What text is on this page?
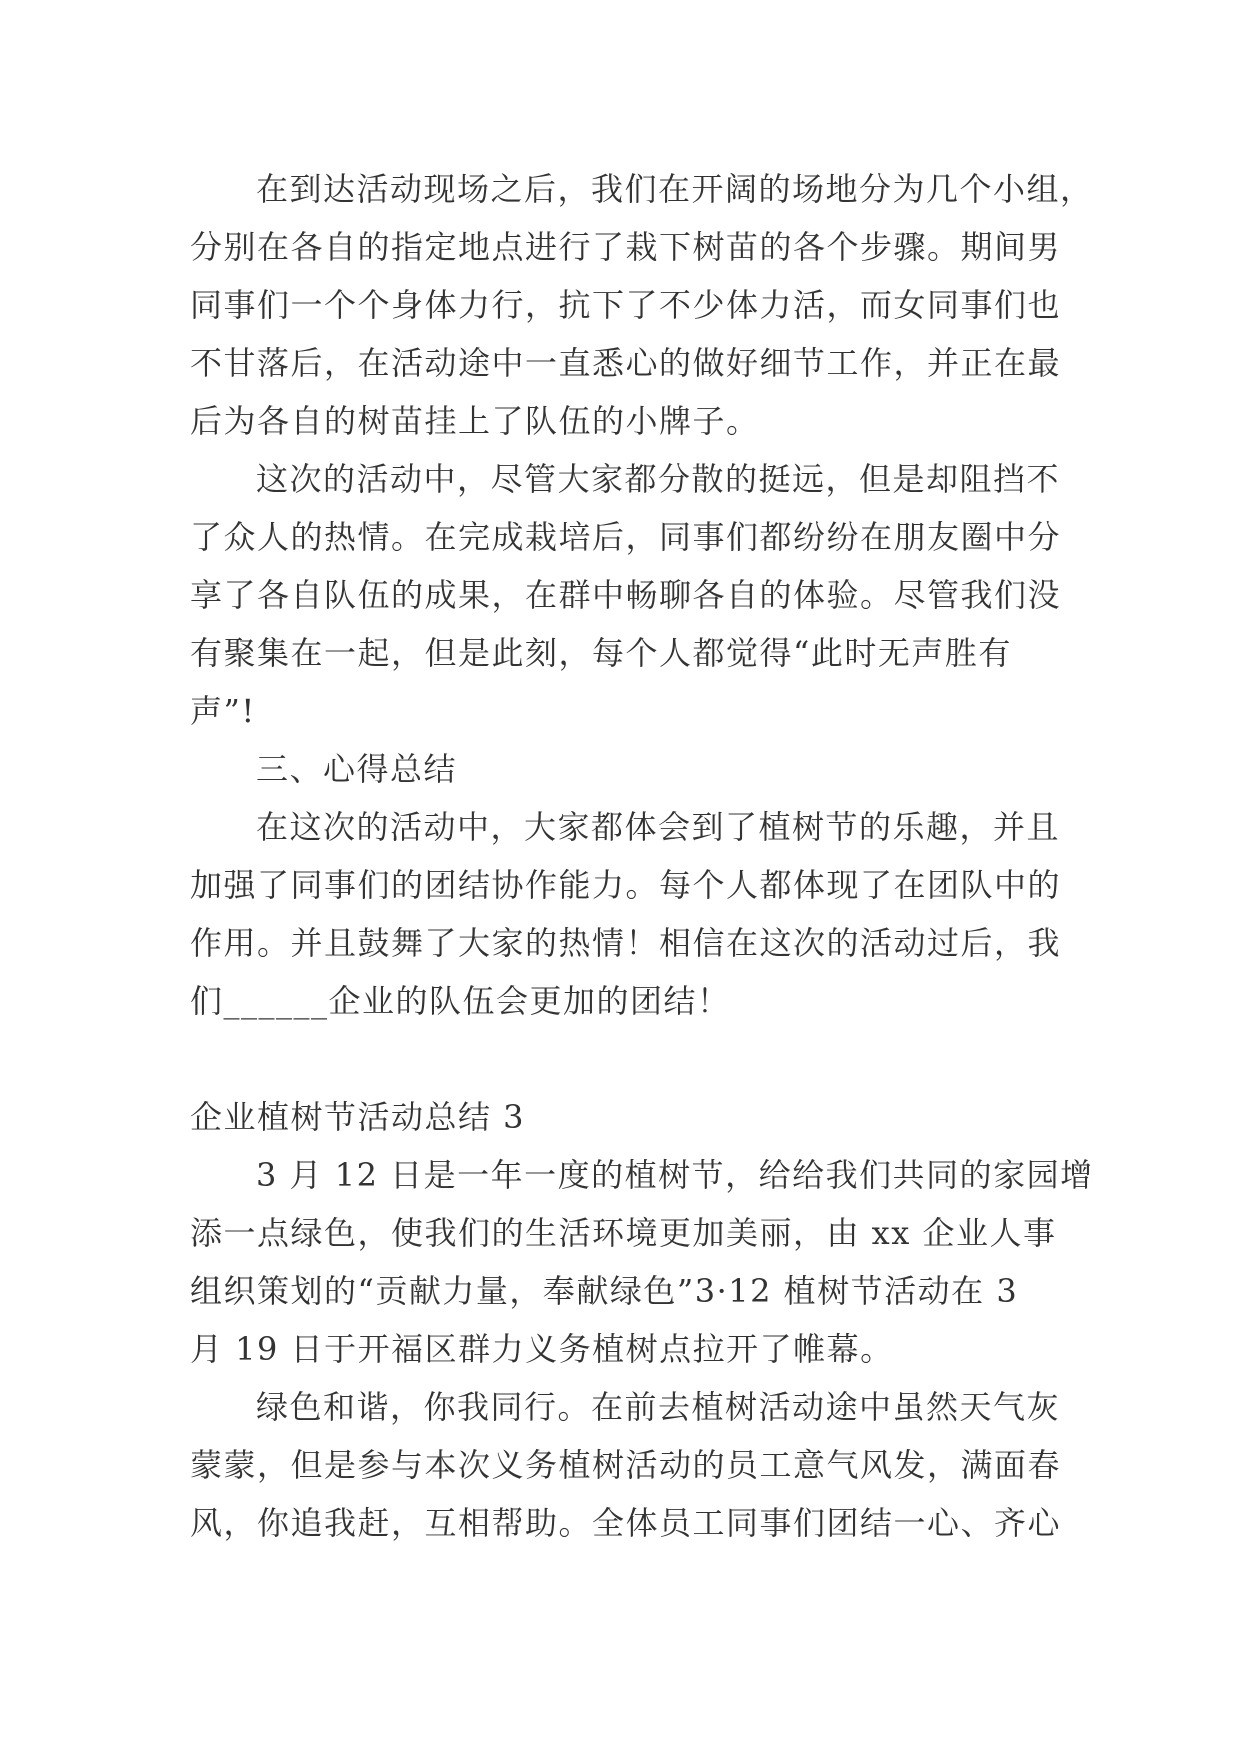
在到达活动现场之后，我们在开阔的场地分为几个小组，
分别在各自的指定地点进行了栽下树苗的各个步骤。期间男
同事们一个个身体力行，抗下了不少体力活，而女同事们也
不甘落后，在活动途中一直悉心的做好细节工作，并正在最
后为各自的树苗挂上了队伍的小牌子。
这次的活动中，尽管大家都分散的挺远，但是却阻挡不
了众人的热情。在完成栽培后，同事们都纷纷在朋友圈中分
享了各自队伍的成果，在群中畅聊各自的体验。尽管我们没
有聚集在一起，但是此刻，每个人都觉得“此时无声胜有
声”!
三、心得总结
在这次的活动中，大家都体会到了植树节的乐趣，并且
加强了同事们的团结协作能力。每个人都体现了在团队中的
作用。并且鼓舞了大家的热情！相信在这次的活动过后，我
们______企业的队伍会更加的团结！
企业植树节活动总结 3
3 月 12 日是一年一度的植树节，给给我们共同的家园增
添一点绿色，使我们的生活环境更加美丽，由 xx 企业人事
组织策划的“贡献力量，奉献绿色”3·12 植树节活动在 3
月 19 日于开福区群力义务植树点拉开了帷幕。
绿色和谐，你我同行。在前去植树活动途中虽然天气灰
蒙蒙，但是参与本次义务植树活动的员工意气风发，满面春
风，你追我赶，互相帮助。全体员工同事们团结一心、齐心
